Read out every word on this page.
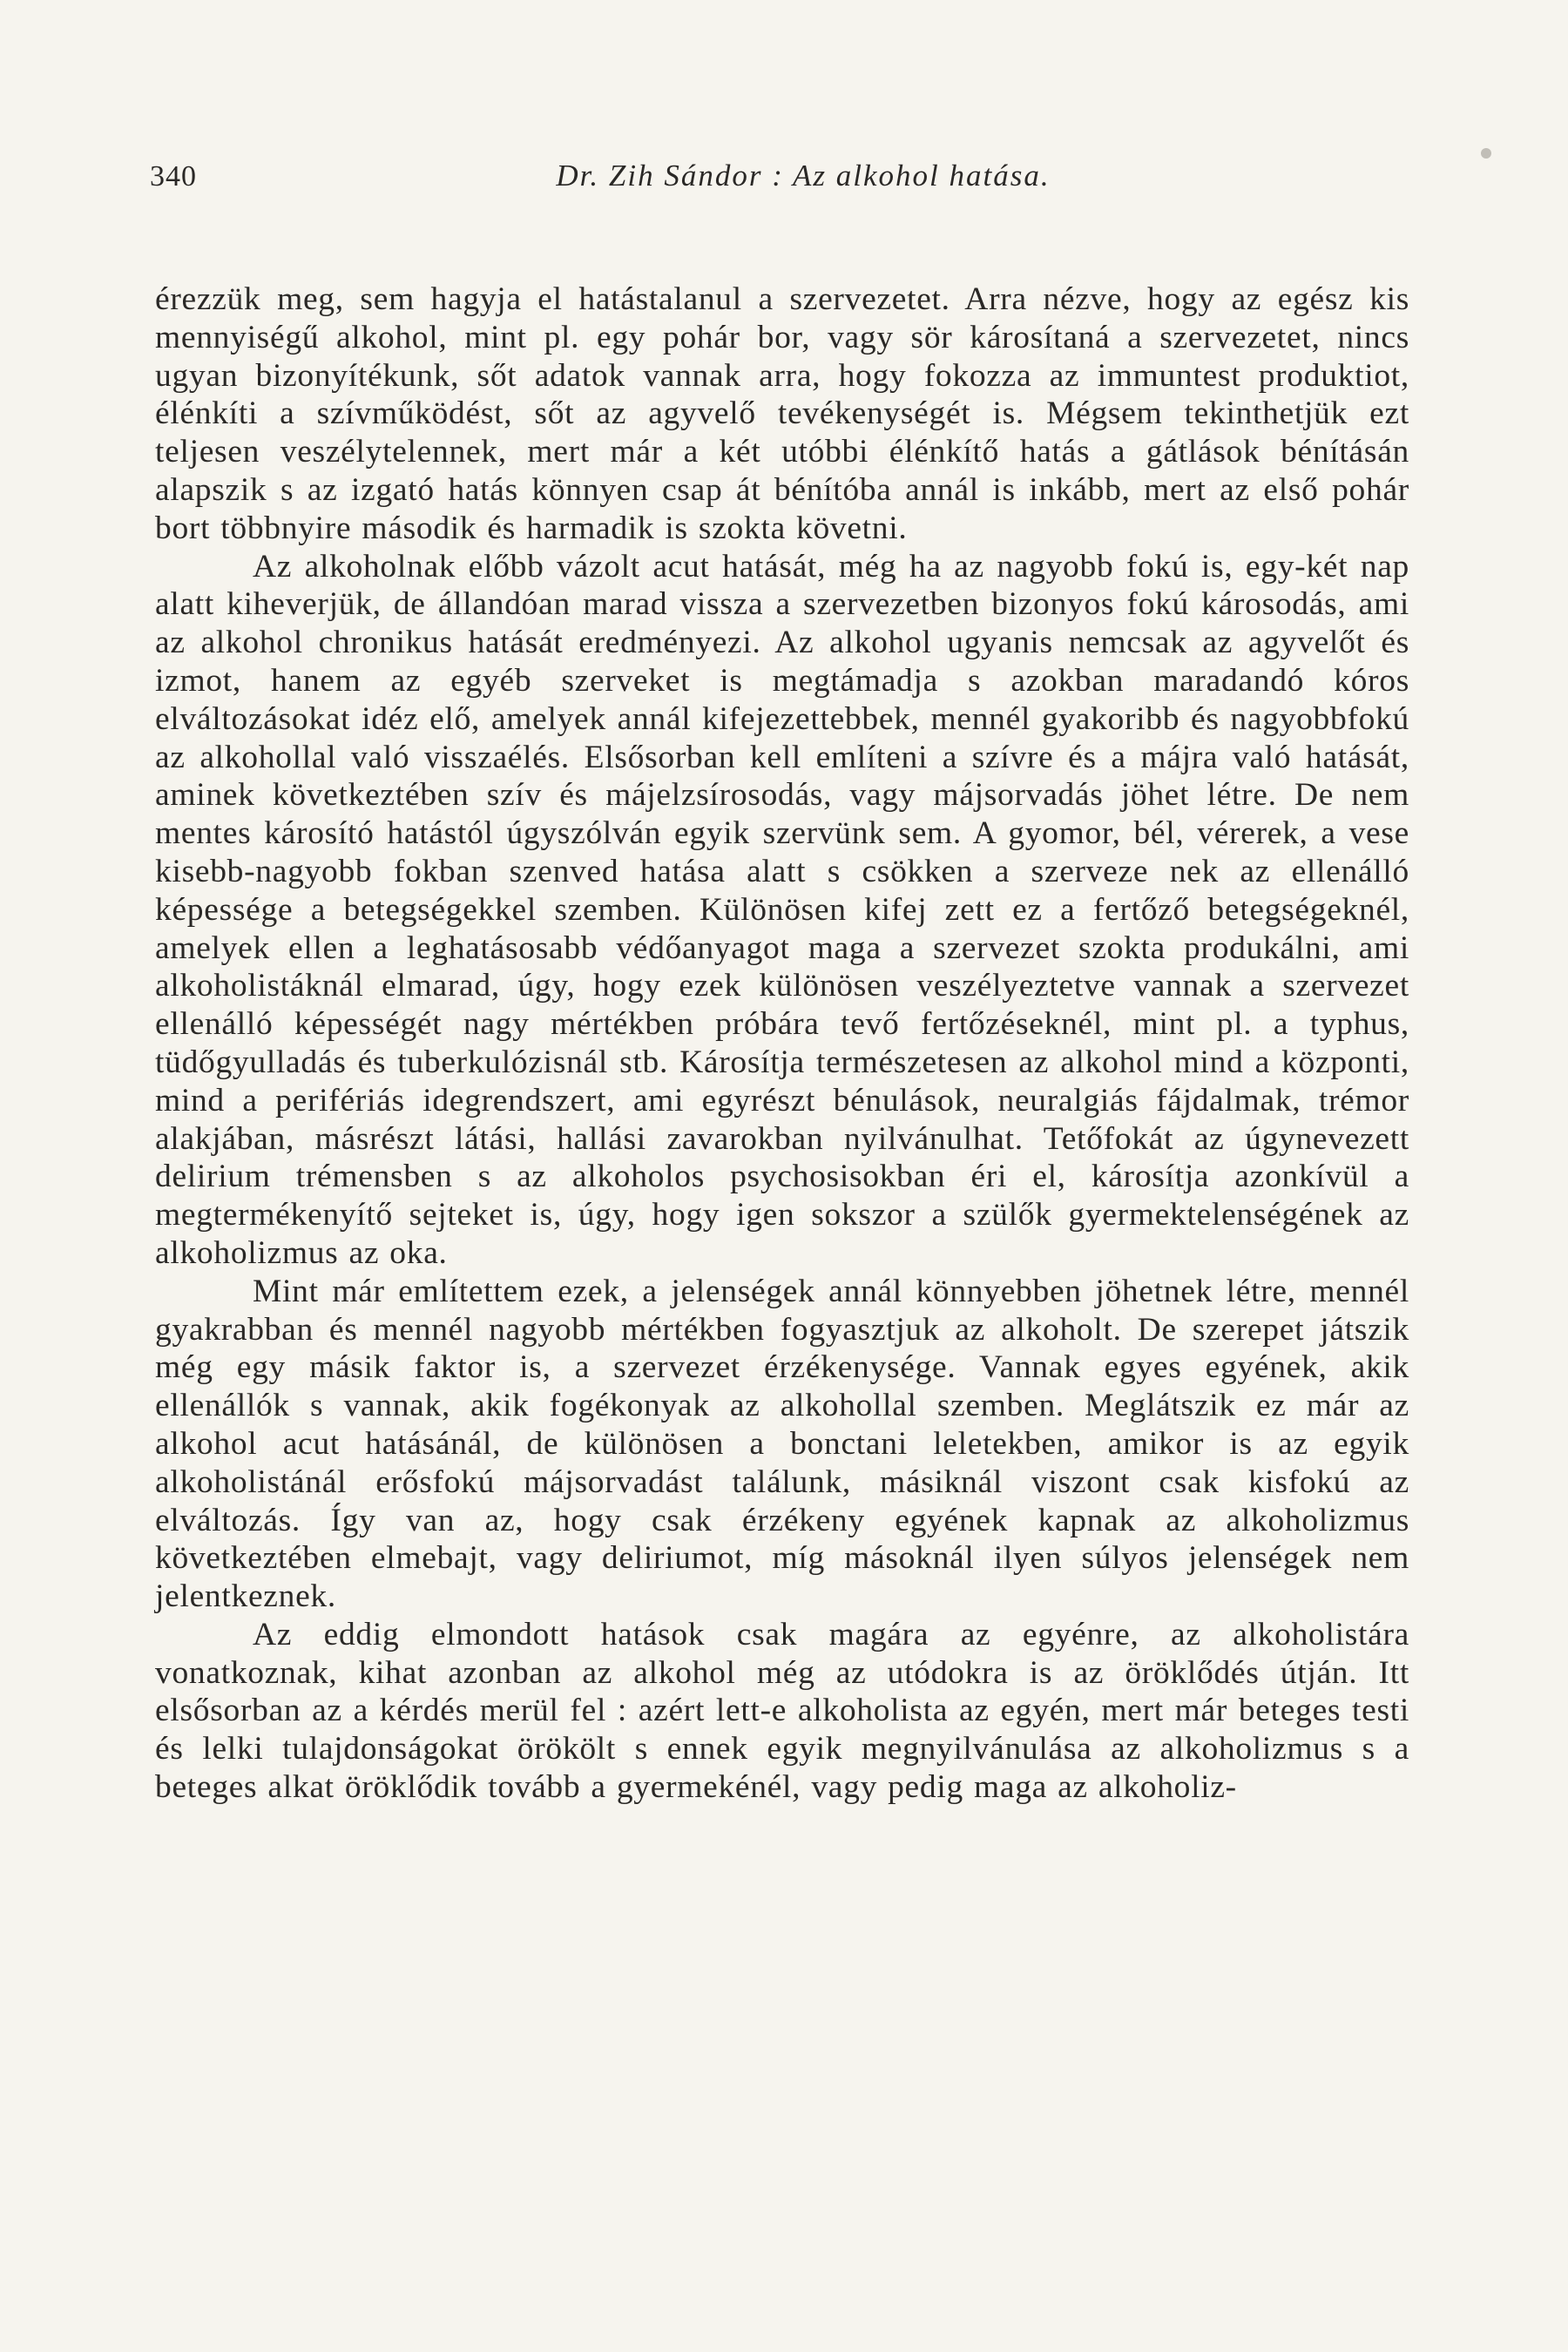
340	Dr. Zih Sándor : Az alkohol hatása.

érezzük meg, sem hagyja el hatástalanul a szervezetet. Arra nézve, hogy az egész kis mennyiségű alkohol, mint pl. egy pohár bor, vagy sör károsítaná a szervezetet, nincs ugyan bizonyítékunk, sőt adatok vannak arra, hogy fokozza az immuntest produktiot, élénkíti a szívműködést, sőt az agyvelő tevékenységét is. Mégsem tekinthetjük ezt teljesen veszélytelennek, mert már a két utóbbi élénkítő hatás a gátlások bénításán alapszik s az izgató hatás könnyen csap át bénítóba annál is inkább, mert az első pohár bort többnyire második és harmadik is szokta követni.

Az alkoholnak előbb vázolt acut hatását, még ha az nagyobb fokú is, egy-két nap alatt kiheverjük, de állandóan marad vissza a szervezetben bizonyos fokú károsodás, ami az alkohol chronikus hatását eredményezi. Az alkohol ugyanis nemcsak az agyvelőt és izmot, hanem az egyéb szerveket is megtámadja s azokban maradandó kóros elváltozásokat idéz elő, amelyek annál kifejezettebbek, mennél gyakoribb és nagyobbfokú az alkohollal való visszaélés. Elsősorban kell említeni a szívre és a májra való hatását, aminek következtében szív és májelzsírosodás, vagy májsorvadás jöhet létre. De nem mentes károsító hatástól úgyszólván egyik szervünk sem. A gyomor, bél, vérerek, a vese kisebb-nagyobb fokban szenved hatása alatt s csökken a szerveze nek az ellenálló képessége a betegségekkel szemben. Különösen kifej zett ez a fertőző betegségeknél, amelyek ellen a leghatásosabb védőanyagot maga a szervezet szokta produkálni, ami alkoholistáknál elmarad, úgy, hogy ezek különösen veszélyeztetve vannak a szervezet ellenálló képességét nagy mértékben próbára tevő fertőzéseknél, mint pl. a typhus, tüdőgyulladás és tuberkulózisnál stb. Károsítja természetesen az alkohol mind a központi, mind a perifériás idegrendszert, ami egyrészt bénulások, neuralgiás fájdalmak, trémor alakjában, másrészt látási, hallási zavarokban nyilvánulhat. Tetőfokát az úgynevezett delirium trémensben s az alkoholos psychosisokban éri el, károsítja azonkívül a megtermékenyítő sejteket is, úgy, hogy igen sokszor a szülők gyermektelenségének az alkoholizmus az oka.

Mint már említettem ezek, a jelenségek annál könnyebben jöhetnek létre, mennél gyakrabban és mennél nagyobb mértékben fogyasztjuk az alkoholt. De szerepet játszik még egy másik faktor is, a szervezet érzékenysége. Vannak egyes egyének, akik ellenállók s vannak, akik fogékonyak az alkohollal szemben. Meglátszik ez már az alkohol acut hatásánál, de különösen a bonctani leletekben, amikor is az egyik alkoholistánál erősfokú májsorvadást találunk, másiknál viszont csak kisfokú az elváltozás. Így van az, hogy csak érzékeny egyének kapnak az alkoholizmus következtében elmebajt, vagy deliriumot, míg másoknál ilyen súlyos jelenségek nem jelentkeznek.

Az eddig elmondott hatások csak magára az egyénre, az alkoholistára vonatkoznak, kihat azonban az alkohol még az utódokra is az öröklődés útján. Itt elsősorban az a kérdés merül fel : azért lett-e alkoholista az egyén, mert már beteges testi és lelki tulajdonságokat örökölt s ennek egyik megnyilvánulása az alkoholizmus s a beteges alkat öröklődik tovább a gyermekénél, vagy pedig maga az alkoholiz-
